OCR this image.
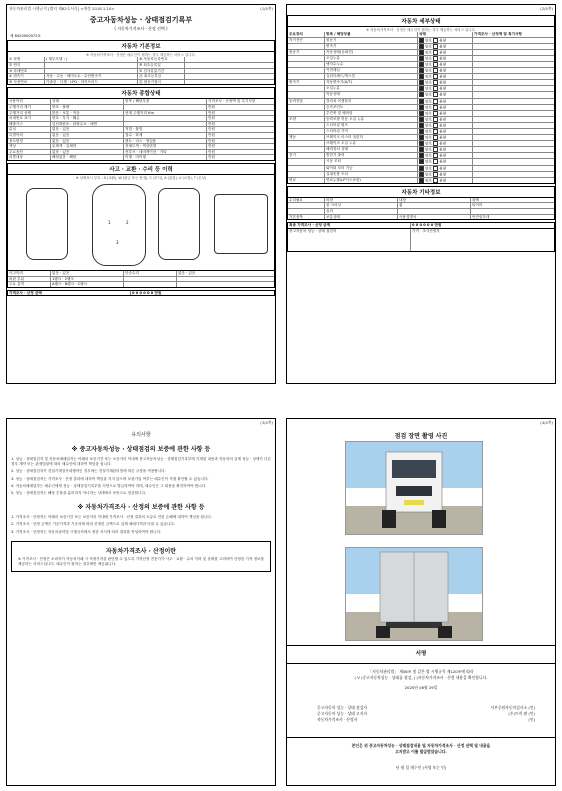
자동차관리법 시행규칙 [별지 제82호서식] <개정 2018.1.10>	(1/4쪽)
중고자동차성능 · 상태점검기록부
( 자동차가격조사 · 산정 선택 )
제 8420000972호
자동차 기본정보
※ 자동차가격조사 · 산정은 매수인이 원하는 경우 제공하는 서비스 입니다.
① 차명	( 세부모델 : )	⑧ 자동차등록번호
② 연식	⑨ 최초등록일
③ 차대번호	⑩ 검사유효기간
④ 변속기	자동 · 수동 · 세미오토 · 무단변속기	⑪ 최초등록일
⑤ 사용연료	가솔린 · 디젤 · LPG · 하이브리드	⑫ 원동기형식
자동차 종합상태
사용이력	상태	항목 / 해당부품	가격조사 · 산정액 및 특기사항
주행거리 계기	양호 · 불량	만원
주행거리 상태	많음 · 보통 · 적음	현재 주행거리 Km	만원
차대번호 표기	양호 · 부식 · 훼손	만원
배출가스	일산화탄소 · 탄화수소 · 매연	만원
튜닝	없음 · 있음	적법 · 불법	만원
특별이력	없음 · 있음	침수 · 화재	만원
용도변경	없음 · 있음	렌트 · 리스 · 영업용	만원
색상	무채색 · 유채색	전체도색 · 색상변경	만원
주요옵션	없음 · 있음	선루프 · 네비게이션 · 기타	만원
리콜대상	해당없음 · 해당	이행 · 미이행	만원
사고 · 교환 · 수리 등 이력
※ 상태표시 부호 : X (교환), W (판금 또는 용접), C (부식), A (흠집), U (요철), T (손상)
1	2
3
사고이력	없음 · 있음	단순수리	없음 · 있음
외판 부위	1랭크 · 2랭크
주요 골격	A랭크 · B랭크 · C랭크
가격조사 · 산정 금액	0 0 0 0 0 0 만원
(2/4쪽)
자동차 세부상태
※ 자동차가격조사 · 산정은 매수인이 원하는 경우 제공하는 서비스 입니다.
주요장치	항목 / 해당부품	상태	가격조사 · 산정액 및 특기사항
자기진단	원동기	양호 불량
변속기	양호 불량
원동기	작동상태(공회전)	양호 불량
오일누유	양호 불량
냉각수누수	양호 불량
커먼레일	양호 불량
실린더헤드/개스킷	양호 불량
변속기	자동변속기(A/T)	양호 불량
오일누유	양호 불량
작동상태	양호 불량
동력전달	클러치 어셈블리	양호 불량
등속조인트	양호 불량
추진축 및 베어링	양호 불량
조향	동력조향 작동 오일 누유	양호 불량
스티어링 펌프	양호 불량
스티어링 기어	양호 불량
제동	브레이크 마스터 실린더	양호 불량
브레이크 오일 누유	양호 불량
배력장치 상태	양호 불량
전기	발전기 출력	양호 불량
시동 모터	양호 불량
와이퍼 모터 기능	양호 불량
실내송풍 모터	양호 불량
연료	연료누출(LP가스포함)	양호 불량
자동차 기타정보
수리필요	외장	내장	광택
룸 크리닝	휠	타이어
유리
기본품목	보유상태	사용설명서	안전삼각대
최종 가격조사 · 산정 금액	0 0 0 0 0 0 만원
중고자동차 성능 · 상태 점검자	가격 · 조사산정자
(3/4쪽)
유의사항
※ 중고자동차성능 · 상태점검의 보증에 관한 사항 등
1. 성능 · 상태점검자 및 자동차매매업자는 아래의 보증기간 또는 보증거리 이내에 중고자동차성능 · 상태점검기록부에 기재된 내용과 자동차의 실제 성능 · 상태가 다른 경우 계약 또는 관계법령에 따라 매수인에 대하여 책임을 집니다.
2. 성능 · 상태점검자가 건설기계검사대행자인 경우에는 건설기계관리법에 따른 규정을 적용합니다.
3. 성능 · 상태점검자는 가격조사 · 산정 결과에 대하여 책임을 지지 않으며 보험가입 여부는 매수인이 직접 확인할 수 있습니다.
4. 자동차매매업자는 매수인에게 성능 · 상태점검기록부를 서면으로 발급하여야 하며, 매수인은 그 내용을 확인하여야 합니다.
5. 성능 · 상태점검자는 해당 부품을 분리하지 아니하는 상태에서 육안으로 점검합니다.
※ 자동차가격조사 · 산정의 보증에 관한 사항 등
1. 가격조사 · 산정자는 아래의 보증기간 또는 보증거리 이내에 가격조사 · 산정 결과의 오류로 인한 손해에 대하여 책임을 집니다.
2. 가격조사 · 산정 금액은 기준가격과 기준서에 따라 산정한 금액으로 실제 매매가격과 다를 수 있습니다.
3. 가격조사 · 산정자는 자동차관리법 시행규칙에서 정한 서식에 따라 결과를 작성하여야 합니다.
자동차가격조사 · 산정이란
※ 가격조사 · 산정은 소비자가 자동차거래 시 적정가격을 판단할 수 있도록 가격산정 전문가가 사고 · 교환 · 수리 이력 및 상태를 고려하여 산정한 가격 정보를 제공하는 서비스입니다. 매수인이 원하는 경우에만 제공됩니다.
(4/4쪽)
점검 장면 촬영 사진
서명
「자동차관리법」 제58조 및 같은 법 시행규칙 제120조에 따라
( V )중고자동차성능 · 상태를 점검, ( )자동차가격조사 · 산정 내용을 확인합니다.
2020년 06월 29일
중고자동차 성능 · 상태 점검자	서부중원자동차검사소 (인)
중고자동차 성능 · 상태 고지자	(주)트럭 팜 (인)
자동차가격조사 · 산정자	(인)
본인은 위 중고자동차성능 · 상태점검내용 및 자동차가격조사 · 산정 선택 및 내용을
고지받고 이를 발급받았습니다.
년 월 일 매수인 (서명 또는 인)
